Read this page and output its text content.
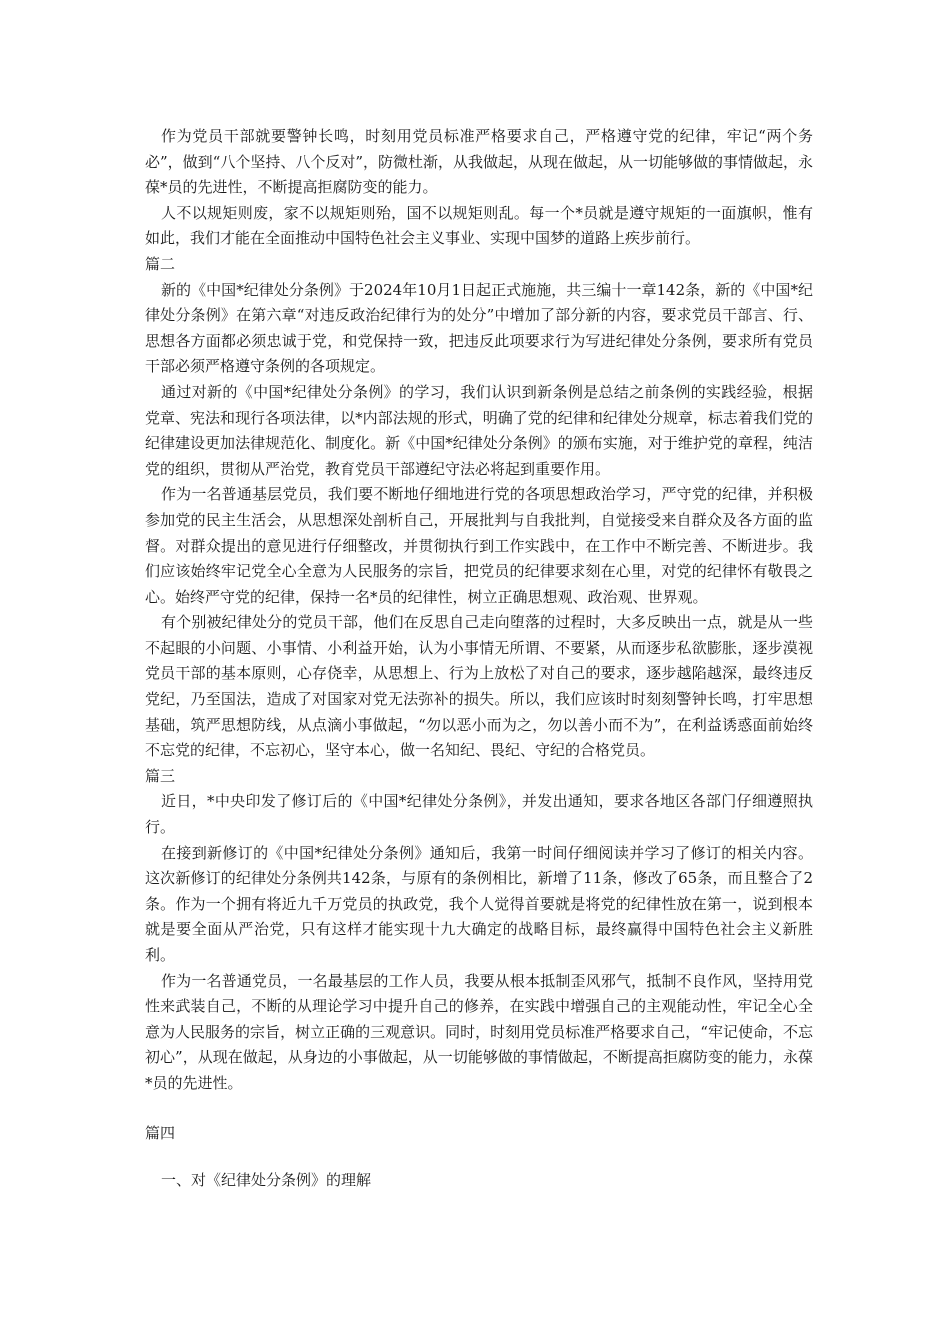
作为党员干部就要警钟长鸣，时刻用党员标准严格要求自己，严格遵守党的纪律，牢记“两个务必”，做到“八个坚持、八个反对”，防微杜渐，从我做起，从现在做起，从一切能够做的事情做起，永葆*员的先进性，不断提高拒腐防变的能力。

人不以规矩则废，家不以规矩则殆，国不以规矩则乱。每一个*员就是遵守规矩的一面旗帜，惟有如此，我们才能在全面推动中国特色社会主义事业、实现中国梦的道路上疾步前行。

篇二

新的《中国*纪律处分条例》于2024年10月1日起正式施施，共三编十一章142条，新的《中国*纪律处分条例》在第六章“对违反政治纪律行为的处分”中增加了部分新的内容，要求党员干部言、行、思想各方面都必须忠诚于党，和党保持一致，把违反此项要求行为写进纪律处分条例，要求所有党员干部必须严格遵守条例的各项规定。

通过对新的《中国*纪律处分条例》的学习，我们认识到新条例是总结之前条例的实践经验，根据党章、宪法和现行各项法律，以*内部法规的形式，明确了党的纪律和纪律处分规章，标志着我们党的纪律建设更加法律规范化、制度化。新《中国*纪律处分条例》的颁布实施，对于维护党的章程，纯洁党的组织，贯彻从严治党，教育党员干部遵纪守法必将起到重要作用。

作为一名普通基层党员，我们要不断地仔细地进行党的各项思想政治学习，严守党的纪律，并积极参加党的民主生活会，从思想深处剖析自己，开展批判与自我批判，自觉接受来自群众及各方面的监督。对群众提出的意见进行仔细整改，并贯彻执行到工作实践中，在工作中不断完善、不断进步。我们应该始终牢记党全心全意为人民服务的宗旨，把党员的纪律要求刻在心里，对党的纪律怀有敬畏之心。始终严守党的纪律，保持一名*员的纪律性，树立正确思想观、政治观、世界观。

有个别被纪律处分的党员干部，他们在反思自己走向堕落的过程时，大多反映出一点，就是从一些不起眼的小问题、小事情、小利益开始，认为小事情无所谓、不要紧，从而逐步私欲膨胀，逐步漠视党员干部的基本原则，心存侥幸，从思想上、行为上放松了对自己的要求，逐步越陷越深，最终违反党纪，乃至国法，造成了对国家对党无法弥补的损失。所以，我们应该时时刻刻警钟长鸣，打牢思想基础，筑严思想防线，从点滴小事做起，“勿以恶小而为之，勿以善小而不为”，在利益诱惑面前始终不忘党的纪律，不忘初心，坚守本心，做一名知纪、畏纪、守纪的合格党员。

篇三

近日，*中央印发了修订后的《中国*纪律处分条例》，并发出通知，要求各地区各部门仔细遵照执行。

在接到新修订的《中国*纪律处分条例》通知后，我第一时间仔细阅读并学习了修订的相关内容。这次新修订的纪律处分条例共142条，与原有的条例相比，新增了11条，修改了65条，而且整合了2条。作为一个拥有将近九千万党员的执政党，我个人觉得首要就是将党的纪律性放在第一，说到根本就是要全面从严治党，只有这样才能实现十九大确定的战略目标，最终赢得中国特色社会主义新胜利。

作为一名普通党员，一名最基层的工作人员，我要从根本抵制歪风邪气，抵制不良作风，坚持用党性来武装自己，不断的从理论学习中提升自己的修养，在实践中增强自己的主观能动性，牢记全心全意为人民服务的宗旨，树立正确的三观意识。同时，时刻用党员标准严格要求自己，“牢记使命，不忘初心”，从现在做起，从身边的小事做起，从一切能够做的事情做起，不断提高拒腐防变的能力，永葆*员的先进性。

篇四

一、对《纪律处分条例》的理解
